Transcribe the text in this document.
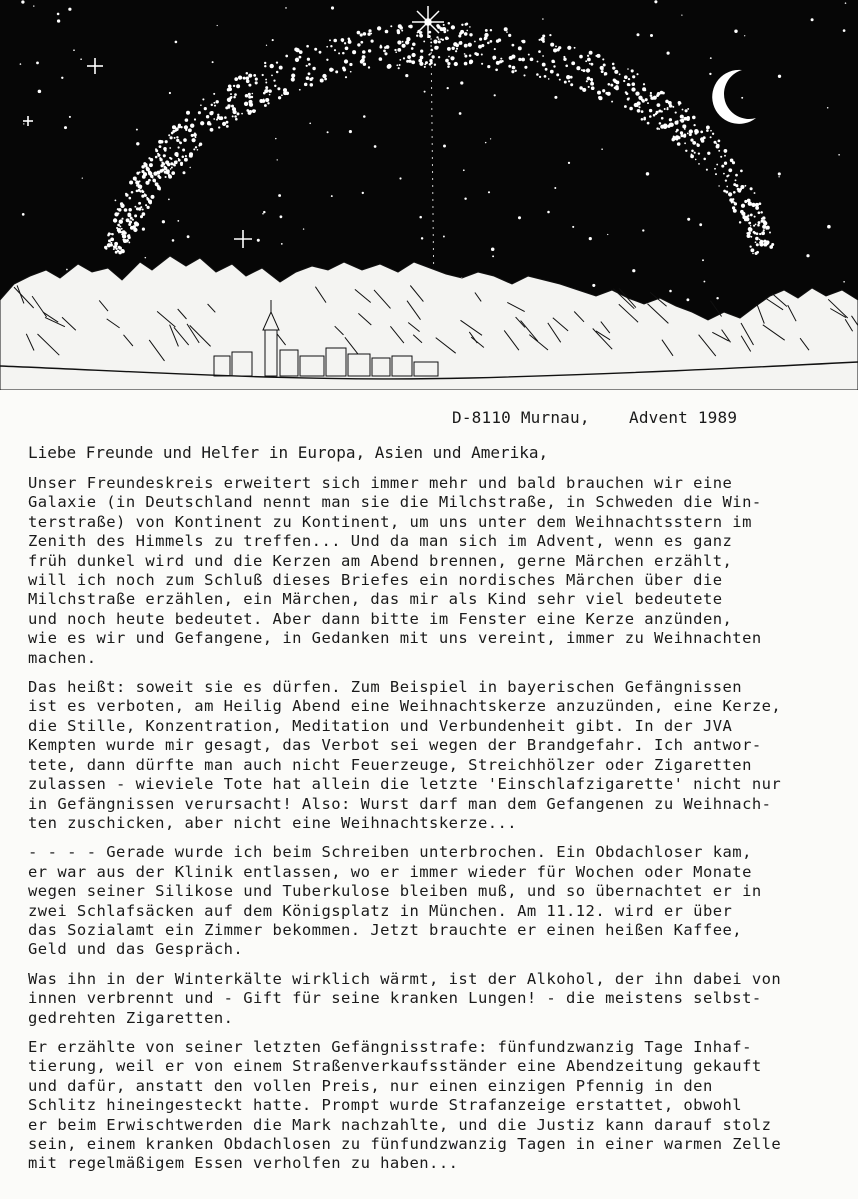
D-8110 Murnau,    Advent 1989
Liebe Freunde und Helfer in Europa, Asien und Amerika,
Unser Freundeskreis erweitert sich immer mehr und bald brauchen wir eine
Galaxie (in Deutschland nennt man sie die Milchstraße, in Schweden die Win-
terstraße) von Kontinent zu Kontinent, um uns unter dem Weihnachtsstern im
Zenith des Himmels zu treffen... Und da man sich im Advent, wenn es ganz
früh dunkel wird und die Kerzen am Abend brennen, gerne Märchen erzählt,
will ich noch zum Schluß dieses Briefes ein nordisches Märchen über die
Milchstraße erzählen, ein Märchen, das mir als Kind sehr viel bedeutete
und noch heute bedeutet. Aber dann bitte im Fenster eine Kerze anzünden,
wie es wir und Gefangene, in Gedanken mit uns vereint, immer zu Weihnachten
machen.
Das heißt: soweit sie es dürfen. Zum Beispiel in bayerischen Gefängnissen
ist es verboten, am Heilig Abend eine Weihnachtskerze anzuzünden, eine Kerze,
die Stille, Konzentration, Meditation und Verbundenheit gibt. In der JVA
Kempten wurde mir gesagt, das Verbot sei wegen der Brandgefahr. Ich antwor-
tete, dann dürfte man auch nicht Feuerzeuge, Streichhölzer oder Zigaretten
zulassen - wieviele Tote hat allein die letzte 'Einschlafzigarette' nicht nur
in Gefängnissen verursacht! Also: Wurst darf man dem Gefangenen zu Weihnach-
ten zuschicken, aber nicht eine Weihnachtskerze...
- - - - Gerade wurde ich beim Schreiben unterbrochen. Ein Obdachloser kam,
er war aus der Klinik entlassen, wo er immer wieder für Wochen oder Monate
wegen seiner Silikose und Tuberkulose bleiben muß, und so übernachtet er in
zwei Schlafsäcken auf dem Königsplatz in München. Am 11.12. wird er über
das Sozialamt ein Zimmer bekommen. Jetzt brauchte er einen heißen Kaffee,
Geld und das Gespräch.
Was ihn in der Winterkälte wirklich wärmt, ist der Alkohol, der ihn dabei von
innen verbrennt und - Gift für seine kranken Lungen! - die meistens selbst-
gedrehten Zigaretten.
Er erzählte von seiner letzten Gefängnisstrafe: fünfundzwanzig Tage Inhaf-
tierung, weil er von einem Straßenverkaufsständer eine Abendzeitung gekauft
und dafür, anstatt den vollen Preis, nur einen einzigen Pfennig in den
Schlitz hineingesteckt hatte. Prompt wurde Strafanzeige erstattet, obwohl
er beim Erwischtwerden die Mark nachzahlte, und die Justiz kann darauf stolz
sein, einem kranken Obdachlosen zu fünfundzwanzig Tagen in einer warmen Zelle
mit regelmäßigem Essen verholfen zu haben...
